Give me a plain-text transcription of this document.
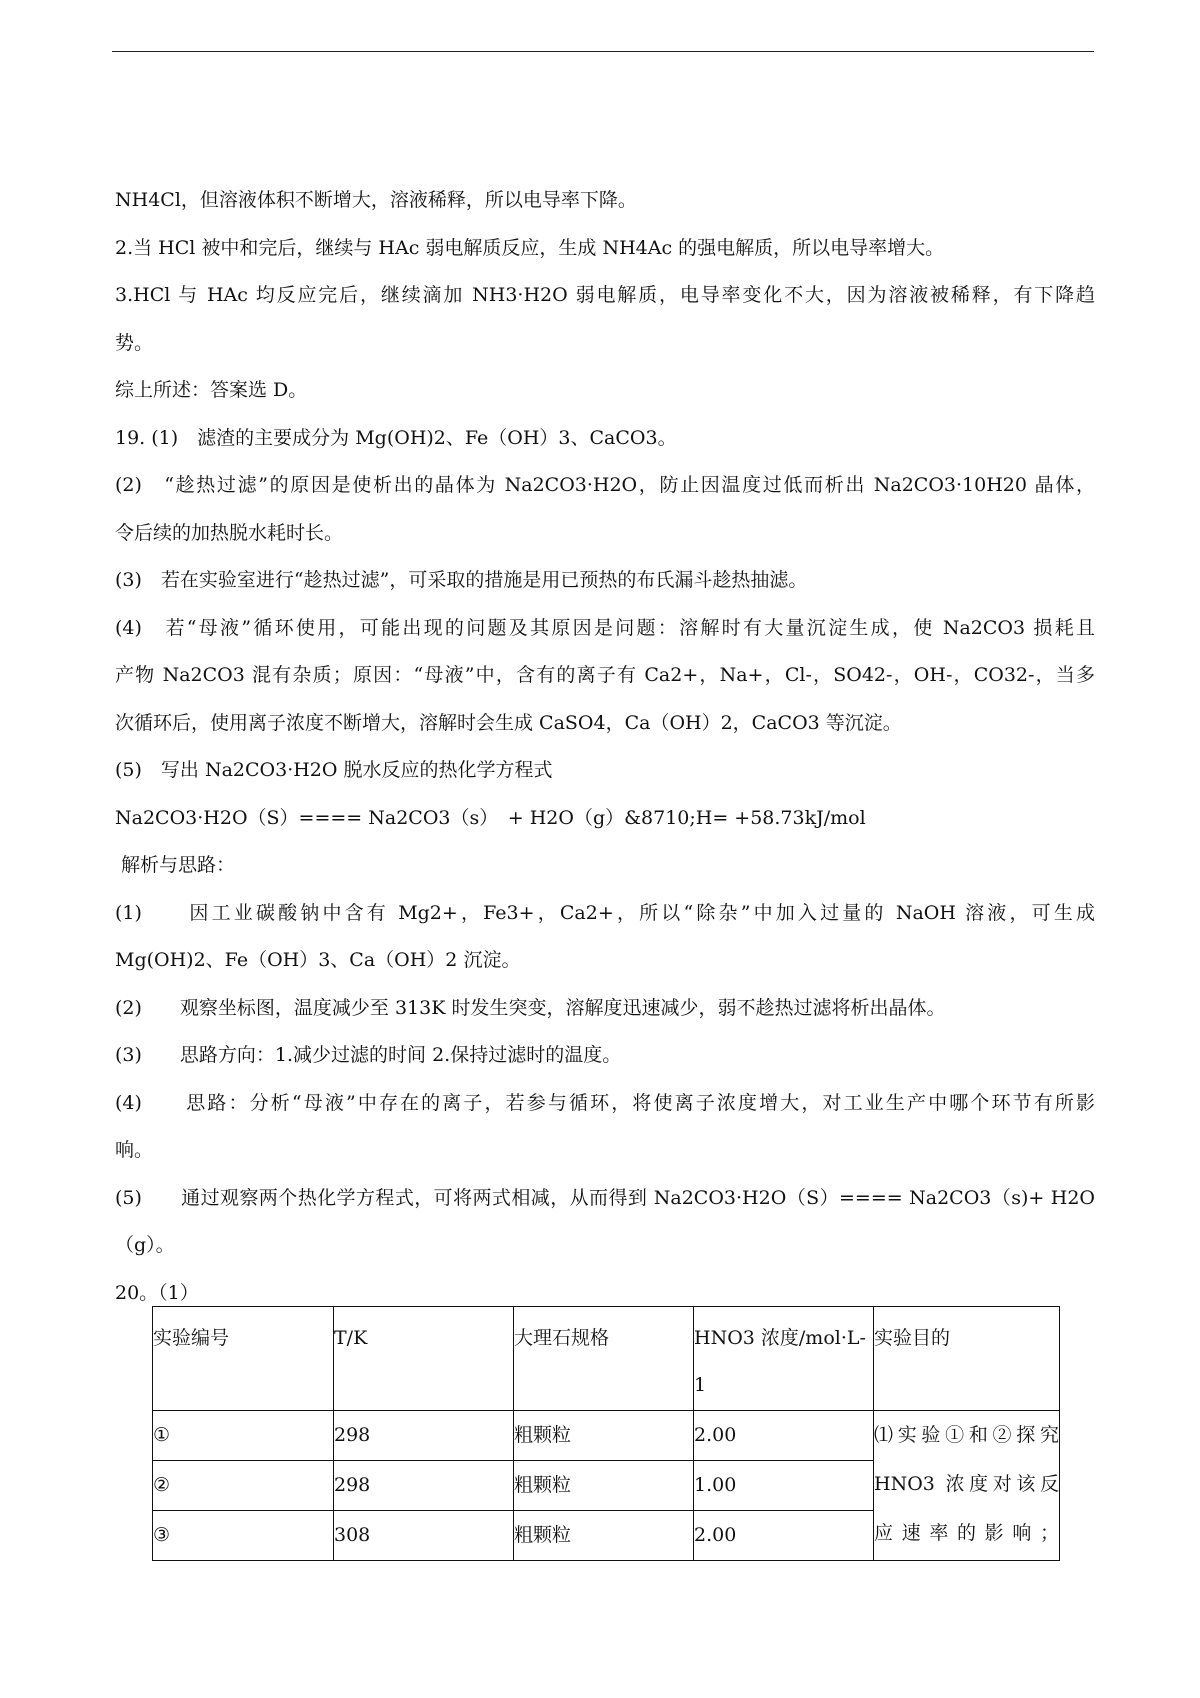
NH4Cl，但溶液体积不断增大，溶液稀释，所以电导率下降。
2.当 HCl 被中和完后，继续与 HAc 弱电解质反应，生成 NH4Ac 的强电解质，所以电导率增大。
3.HCl 与 HAc 均反应完后，继续滴加 NH3·H2O 弱电解质，电导率变化不大，因为溶液被稀释，有下降趋
势。
综上所述：答案选 D。
19. (1)　滤渣的主要成分为 Mg(OH)2、Fe（OH）3、CaCO3。
(2)　“趁热过滤”的原因是使析出的晶体为 Na2CO3·H2O，防止因温度过低而析出 Na2CO3·10H20 晶体，
令后续的加热脱水耗时长。
(3)　若在实验室进行“趁热过滤”，可采取的措施是用已预热的布氏漏斗趁热抽滤。
(4)　若“母液”循环使用，可能出现的问题及其原因是问题：溶解时有大量沉淀生成，使 Na2CO3 损耗且
产物 Na2CO3 混有杂质；原因：“母液”中，含有的离子有 Ca2+，Na+，Cl-，SO42-，OH-，CO32-，当多
次循环后，使用离子浓度不断增大，溶解时会生成 CaSO4，Ca（OH）2，CaCO3 等沉淀。
(5)　写出 Na2CO3·H2O 脱水反应的热化学方程式
Na2CO3·H2O（S）==== Na2CO3（s）　+ H2O（g）&8710;H= +58.73kJ/mol
解析与思路：
(1)　　因工业碳酸钠中含有 Mg2+，Fe3+，Ca2+，所以“除杂”中加入过量的 NaOH 溶液，可生成
Mg(OH)2、Fe（OH）3、Ca（OH）2 沉淀。
(2)　　观察坐标图，温度减少至 313K 时发生突变，溶解度迅速减少，弱不趁热过滤将析出晶体。
(3)　　思路方向：1.减少过滤的时间 2.保持过滤时的温度。
(4)　　思路：分析“母液”中存在的离子，若参与循环，将使离子浓度增大，对工业生产中哪个环节有所影
响。
(5)　　通过观察两个热化学方程式，可将两式相减，从而得到 Na2CO3·H2O（S）==== Na2CO3（s)+ H2O
（g）。
20。（1）
实验编号	T/K	大理石规格	HNO3 浓度/mol·L-1	实验目的
①	298	粗颗粒	2.00	⑴实验①和②探究
HNO3 浓度对该反
应速率的影响；

②	298	粗颗粒	1.00	
③	308	粗颗粒	2.00	
